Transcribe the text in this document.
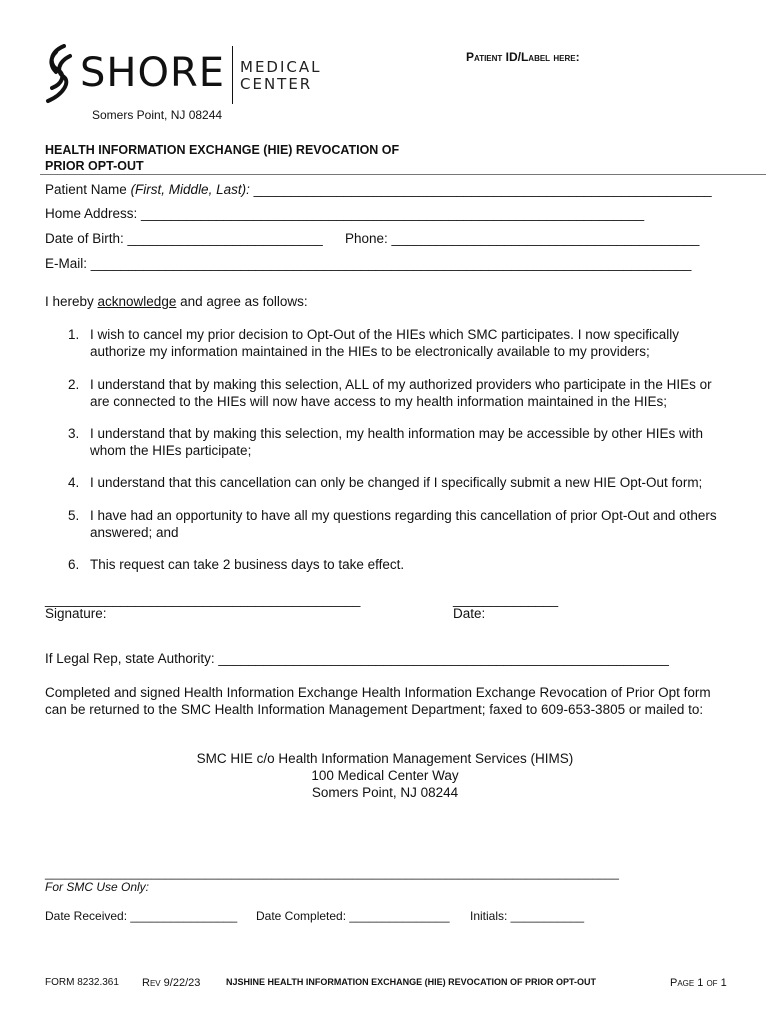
SHORE MEDICAL
CENTER
Somers Point, NJ 08244
Patient ID/Label here:
HEALTH INFORMATION EXCHANGE (HIE) REVOCATION OF
PRIOR OPT-OUT
Patient Name (First, Middle, Last): _____________________________________________________________
Home Address: ___________________________________________________________________
Date of Birth: __________________________ Phone: _________________________________________
E-Mail: ________________________________________________________________________________
I hereby acknowledge and agree as follows:
1. I wish to cancel my prior decision to Opt-Out of the HIEs which SMC participates. I now specifically authorize my information maintained in the HIEs to be electronically available to my providers;
2. I understand that by making this selection, ALL of my authorized providers who participate in the HIEs or are connected to the HIEs will now have access to my health information maintained in the HIEs;
3. I understand that by making this selection, my health information may be accessible by other HIEs with whom the HIEs participate;
4. I understand that this cancellation can only be changed if I specifically submit a new HIE Opt-Out form;
5. I have had an opportunity to have all my questions regarding this cancellation of prior Opt-Out and others answered; and
6. This request can take 2 business days to take effect.
__________________________________________
Signature:
______________
Date:
If Legal Rep, state Authority: ____________________________________________________________
Completed and signed Health Information Exchange Health Information Exchange Revocation of Prior Opt form can be returned to the SMC Health Information Management Department; faxed to 609-653-3805 or mailed to:
SMC HIE c/o Health Information Management Services (HIMS)
100 Medical Center Way
Somers Point, NJ 08244
______________________________________________________________________________________
For SMC Use Only:
Date Received: ________________ Date Completed: _______________ Initials: ___________
FORM 8232.361 Rev 9/22/23	NJSHINE HEALTH INFORMATION EXCHANGE (HIE) REVOCATION OF PRIOR OPT-OUT	Page 1 of 1
